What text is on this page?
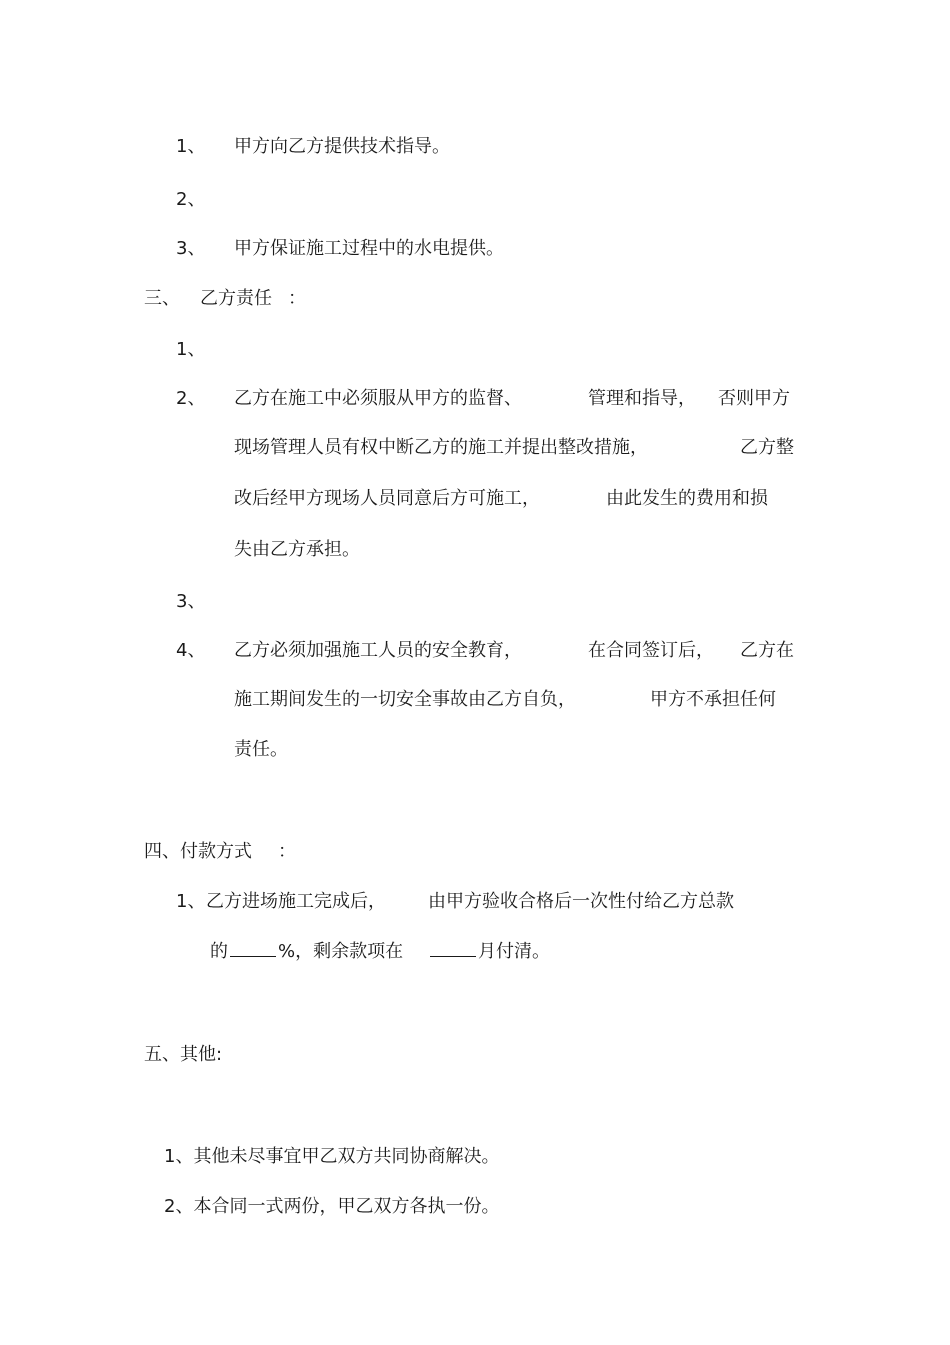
1、 甲方向乙方提供技术指导。
2、
3、 甲方保证施工过程中的水电提供。
三、 乙方责任 ：
1、
2、 乙方在施工中必须服从甲方的监督、	管理和指导， 否则甲方
现场管理人员有权中断乙方的施工并提出整改措施，	乙方整
改后经甲方现场人员同意后方可施工，	由此发生的费用和损
失由乙方承担。
3、
4、 乙方必须加强施工人员的安全教育，	在合同签订后， 乙方在
施工期间发生的一切安全事故由乙方自负，	甲方不承担任何
责任。
四、付款方式 ：
1、 乙方进场施工完成后， 由甲方验收合格后一次性付给乙方总款
的	%，剩余款项在	月付清。
五、其他:
1、其他未尽事宜甲乙双方共同协商解决。
2、本合同一式两份，甲乙双方各执一份。
